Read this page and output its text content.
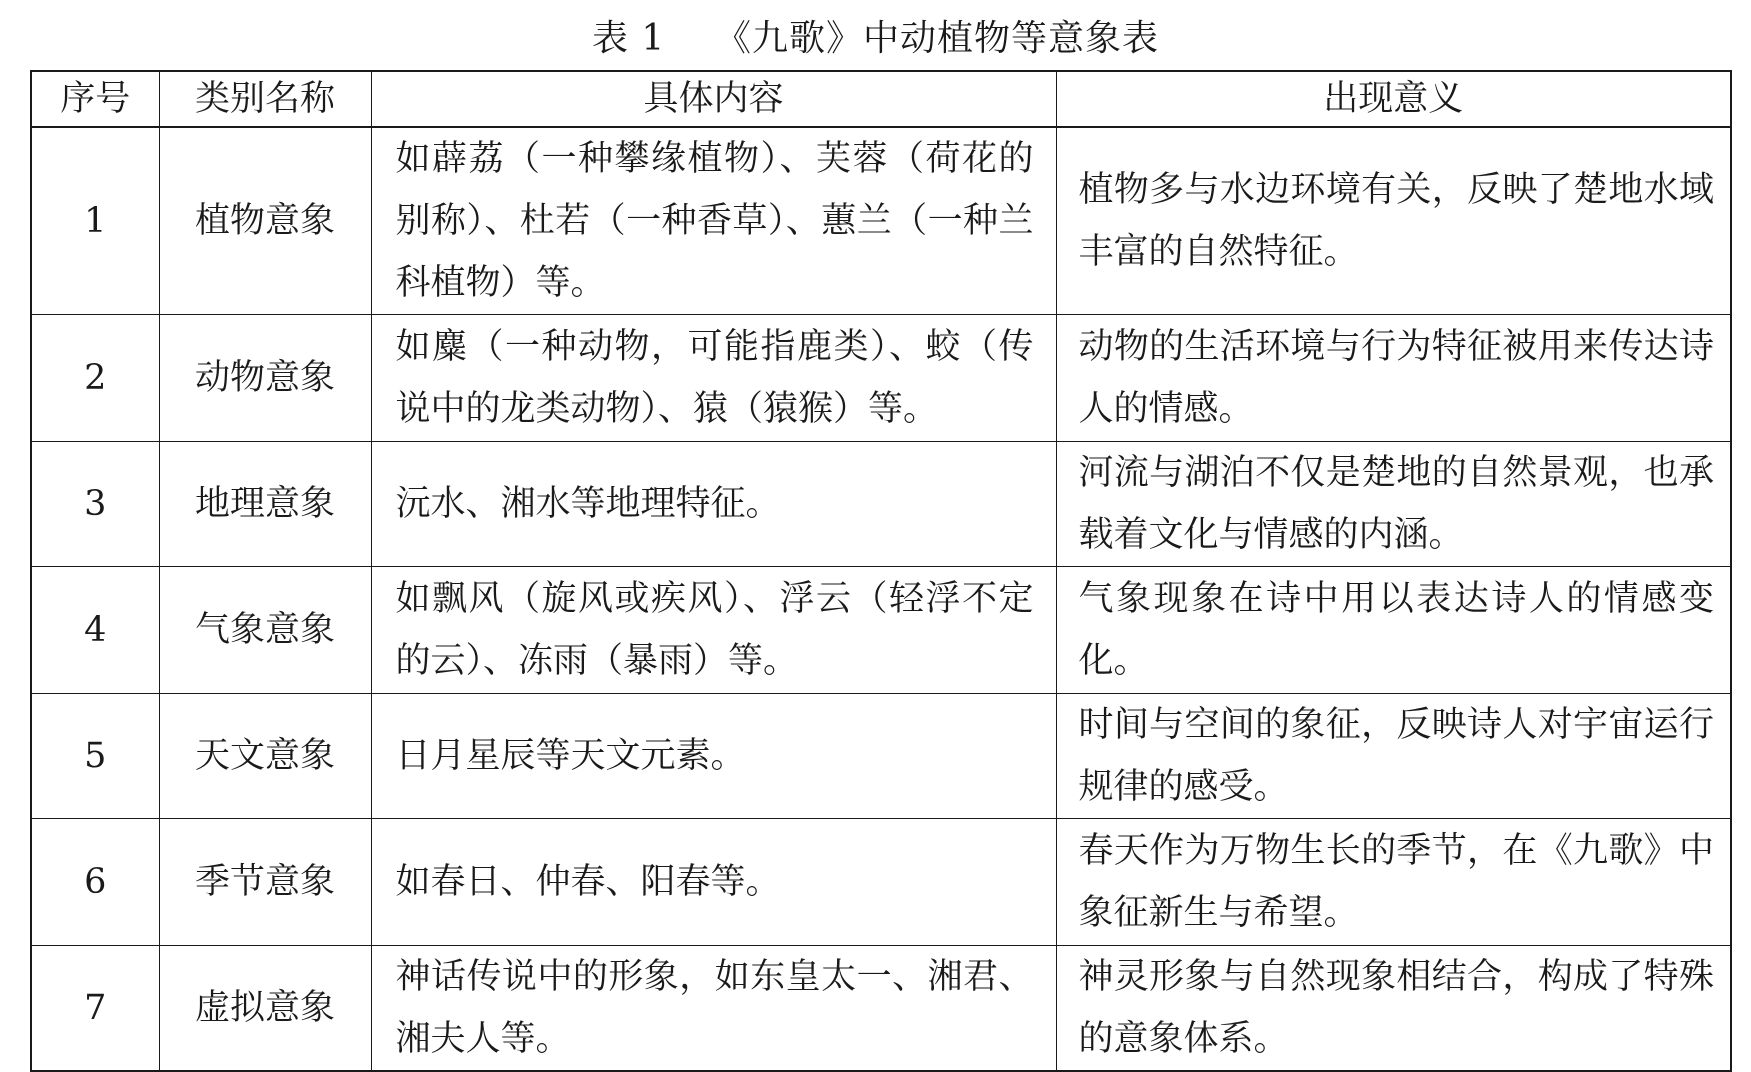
表 1    《九歌》中动植物等意象表
序号	类别名称	具体内容	出现意义
1	植物意象	如薜荔（一种攀缘植物）、芙蓉（荷花的别称）、杜若（一种香草）、蕙兰（一种兰科植物）等。	植物多与水边环境有关，反映了楚地水域丰富的自然特征。
2	动物意象	如麋（一种动物，可能指鹿类）、蛟（传说中的龙类动物）、猿（猿猴）等。	动物的生活环境与行为特征被用来传达诗人的情感。
3	地理意象	沅水、湘水等地理特征。	河流与湖泊不仅是楚地的自然景观，也承载着文化与情感的内涵。
4	气象意象	如飘风（旋风或疾风）、浮云（轻浮不定的云）、冻雨（暴雨）等。	气象现象在诗中用以表达诗人的情感变化。
5	天文意象	日月星辰等天文元素。	时间与空间的象征，反映诗人对宇宙运行规律的感受。
6	季节意象	如春日、仲春、阳春等。	春天作为万物生长的季节，在《九歌》中象征新生与希望。
7	虚拟意象	神话传说中的形象，如东皇太一、湘君、湘夫人等。	神灵形象与自然现象相结合，构成了特殊的意象体系。
